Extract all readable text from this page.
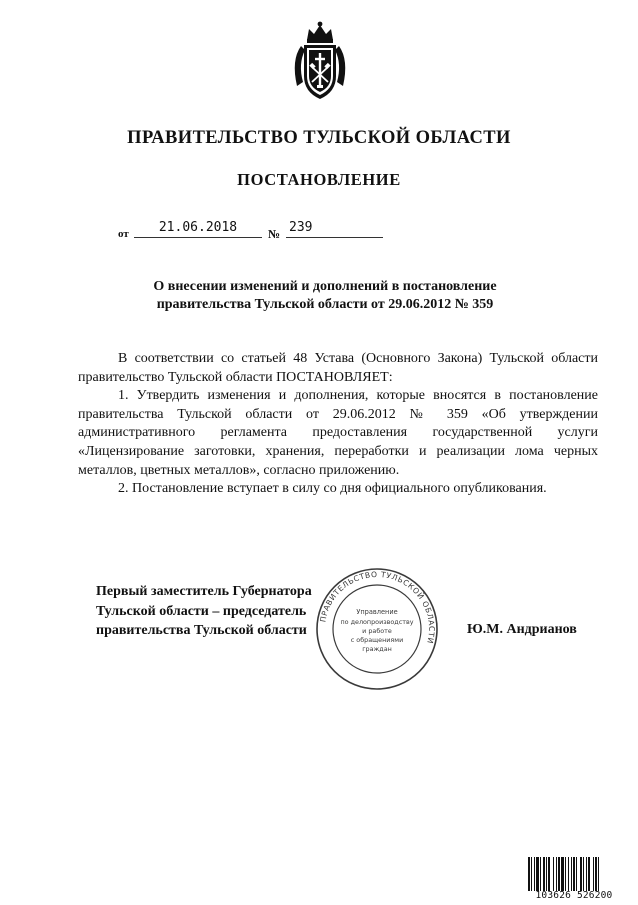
ПРАВИТЕЛЬСТВО ТУЛЬСКОЙ ОБЛАСТИ
ПОСТАНОВЛЕНИЕ
от	21.06.2018	№ 239
О внесении изменений и дополнений в постановление
правительства Тульской области от 29.06.2012 № 359

В соответствии со статьей 48 Устава (Основного Закона) Тульской области правительство Тульской области ПОСТАНОВЛЯЕТ:

1. Утвердить изменения и дополнения, которые вносятся в постановление правительства Тульской области от 29.06.2012 № 359 «Об утверждении административного регламента предоставления государственной услуги «Лицензирование заготовки, хранения, переработки и реализации лома черных металлов, цветных металлов», согласно приложению.

2. Постановление вступает в силу со дня официального опубликования.

Первый заместитель Губернатора
Тульской области – председатель
правительства Тульской области	Ю.М. Андрианов
ПРАВИТЕЛЬСТВО ТУЛЬСКОЙ ОБЛАСТИ
Управление
по делопроизводству
и работе
с обращениями
граждан
103626 526200
